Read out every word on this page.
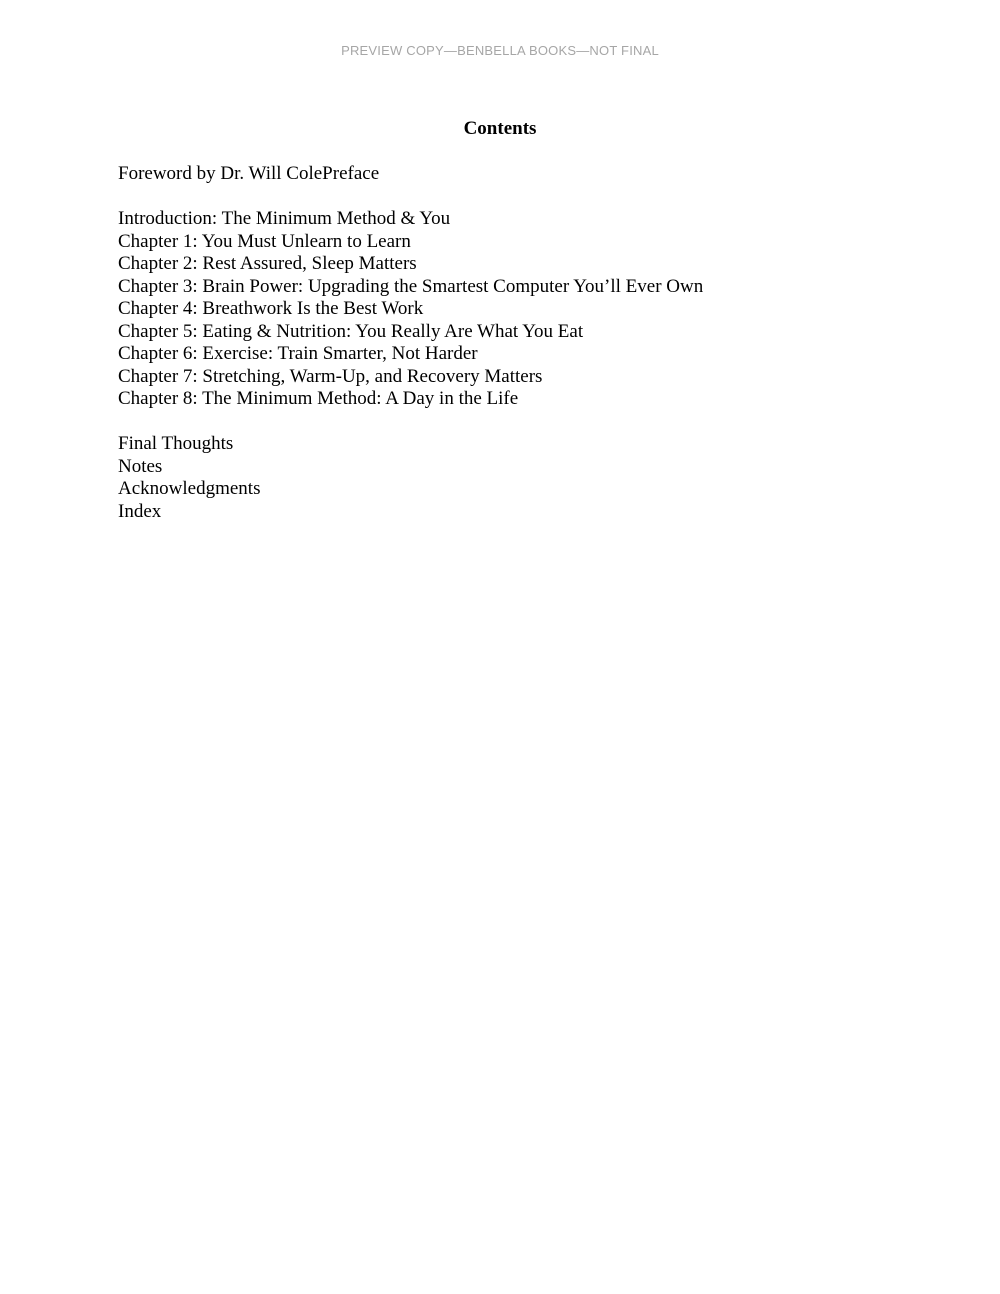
PREVIEW COPY—BENBELLA BOOKS—NOT FINAL
Contents
Foreword by Dr. Will ColePreface
Introduction: The Minimum Method & You
Chapter 1: You Must Unlearn to Learn
Chapter 2: Rest Assured, Sleep Matters
Chapter 3: Brain Power: Upgrading the Smartest Computer You’ll Ever Own
Chapter 4: Breathwork Is the Best Work
Chapter 5: Eating & Nutrition: You Really Are What You Eat
Chapter 6: Exercise: Train Smarter, Not Harder
Chapter 7: Stretching, Warm-Up, and Recovery Matters
Chapter 8: The Minimum Method: A Day in the Life
Final Thoughts
Notes
Acknowledgments
Index
